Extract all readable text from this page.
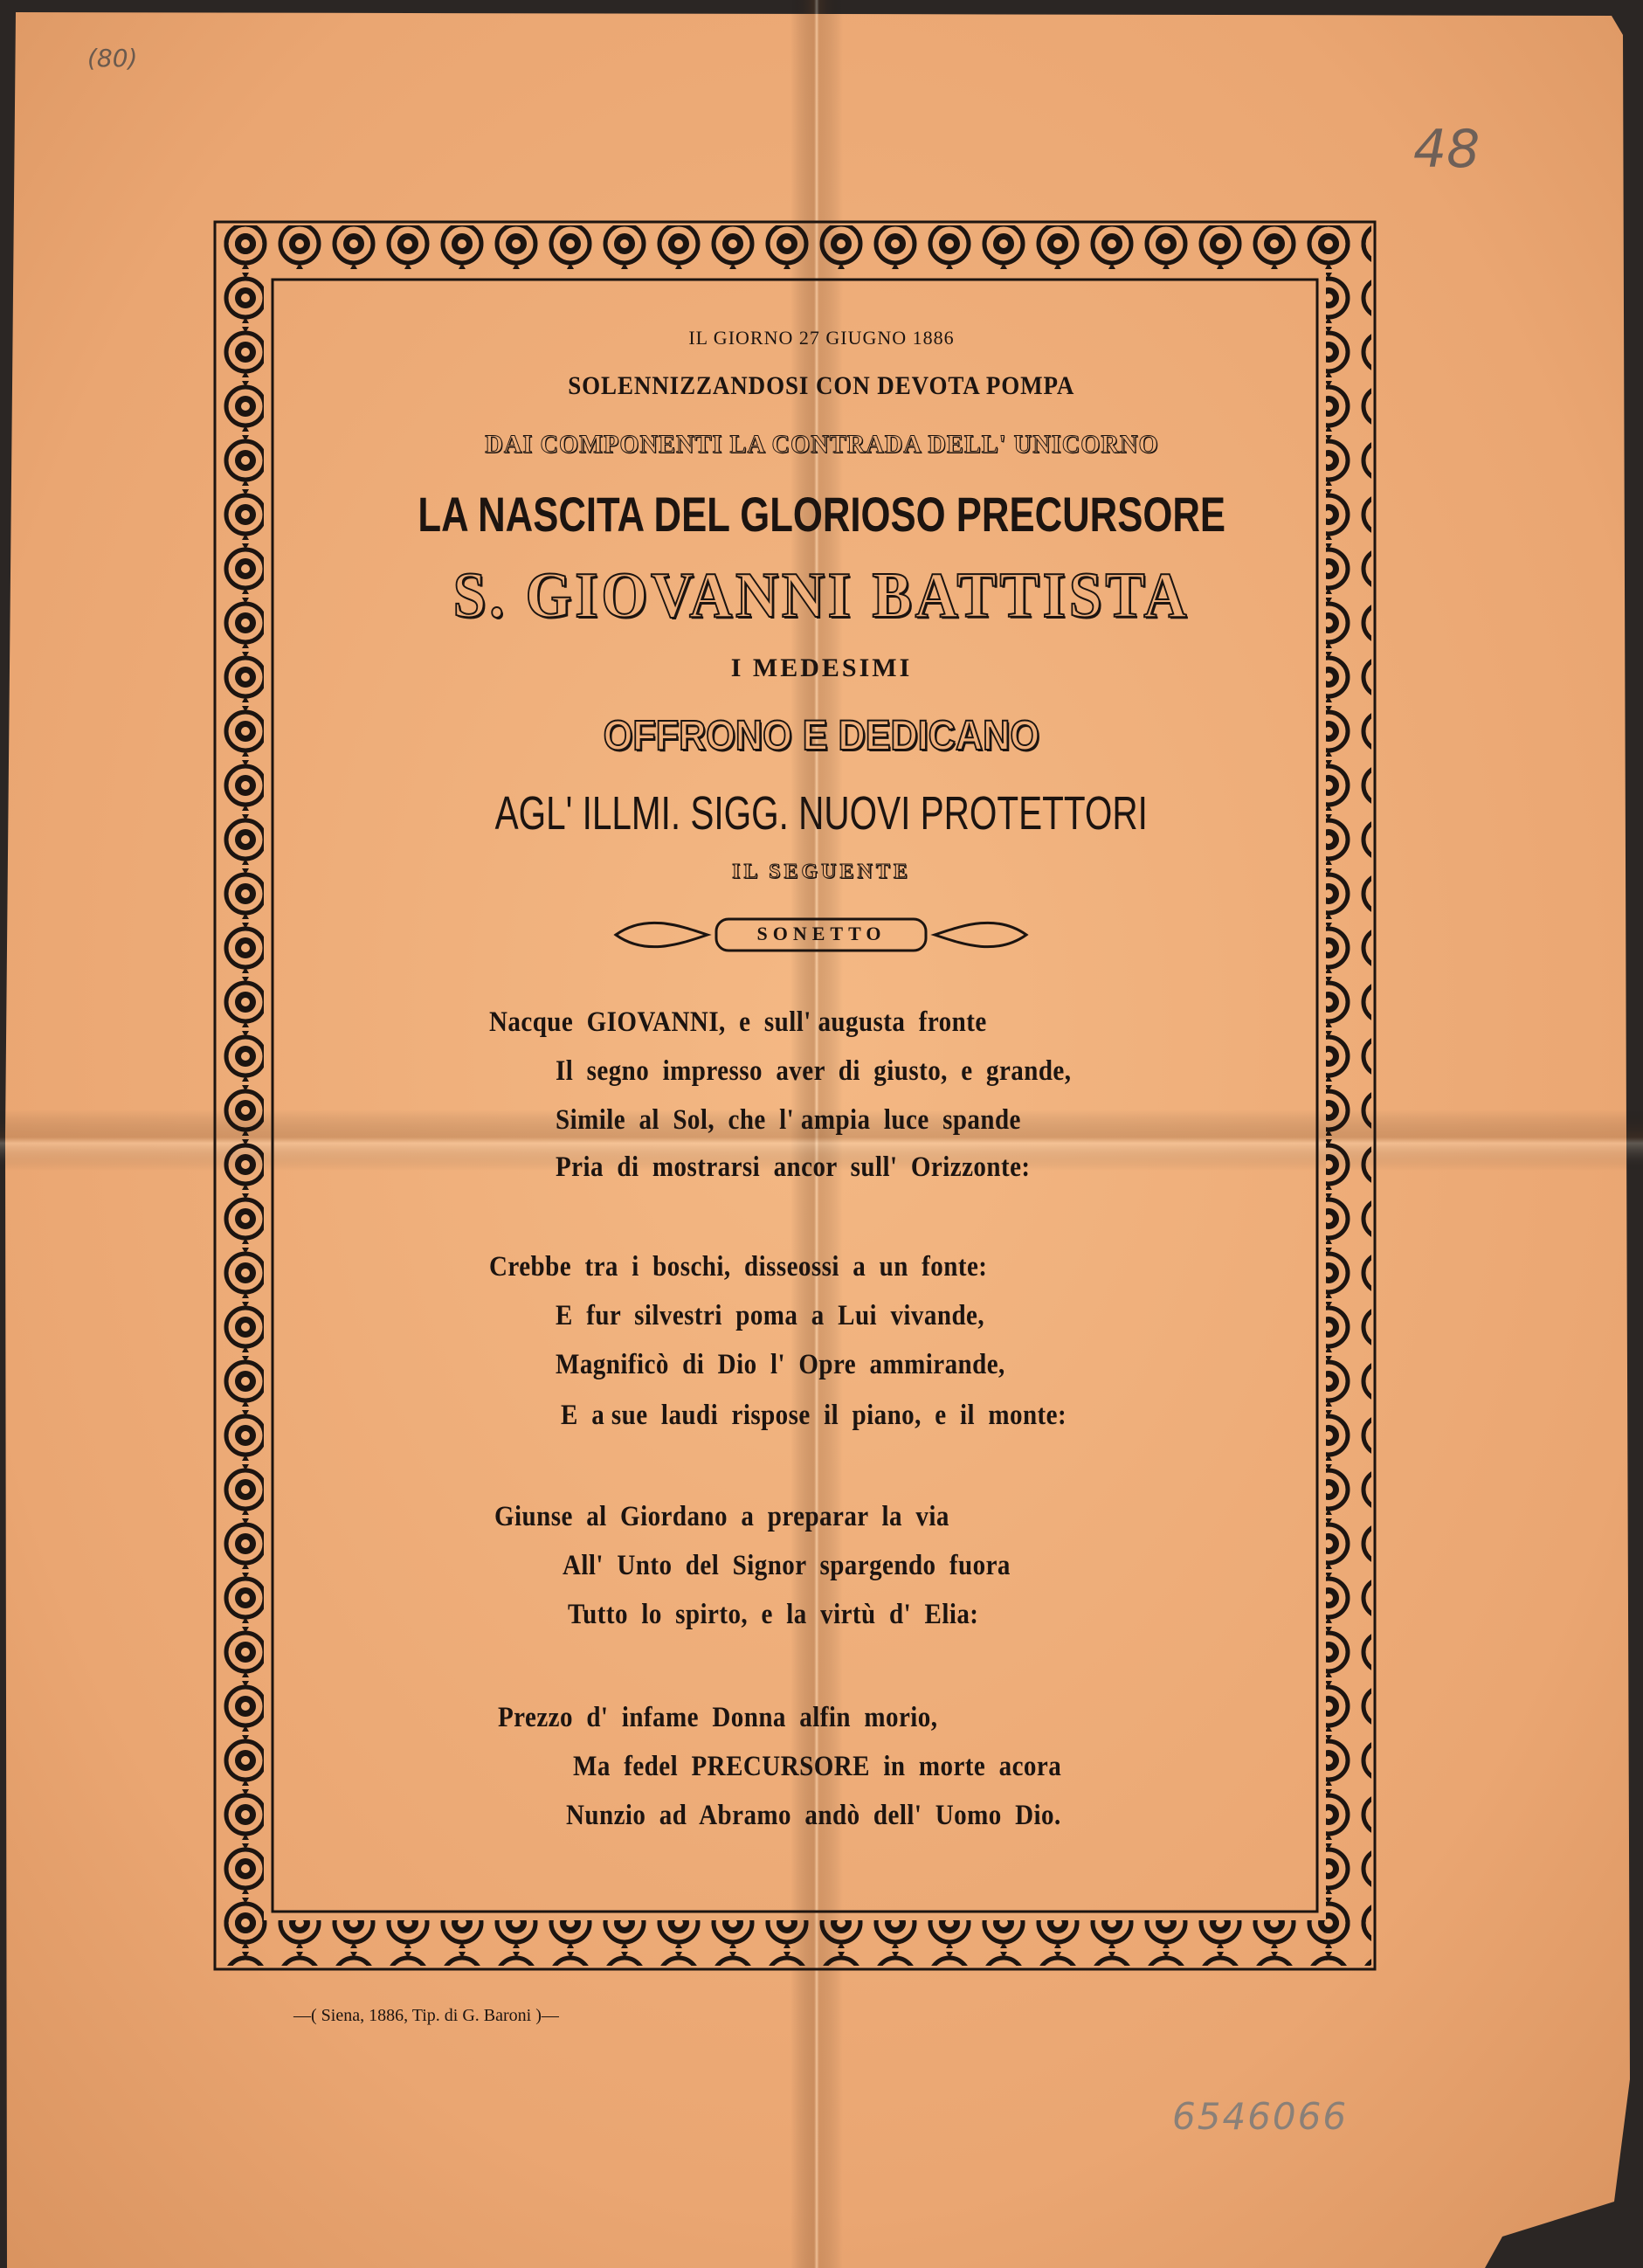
IL GIORNO 27 GIUGNO 1886
SOLENNIZZANDOSI CON DEVOTA POMPA
DAI COMPONENTI LA CONTRADA DELL' UNICORNO
LA NASCITA DEL GLORIOSO PRECURSORE
S. GIOVANNI BATTISTA
I MEDESIMI
OFFRONO E DEDICANO
AGL' ILLMI. SIGG. NUOVI PROTETTORI
IL SEGUENTE
SONETTO
Nacque  GIOVANNI,  e  sull' augusta  fronte
Il  segno  impresso  aver  di  giusto,  e  grande,
Simile  al  Sol,  che  l' ampia  luce  spande
Pria  di  mostrarsi  ancor  sull'  Orizzonte:
Crebbe  tra  i  boschi,  disseossi  a  un  fonte:
E  fur  silvestri  poma  a  Lui  vivande,
Magnificò  di  Dio  l'  Opre  ammirande,
E  a sue  laudi  rispose  il  piano,  e  il  monte:
Giunse  al  Giordano  a  preparar  la  via
All'  Unto  del  Signor  spargendo  fuora
Tutto  lo  spirto,  e  la  virtù  d'  Elia:
Prezzo  d'  infame  Donna  alfin  morio,
Ma  fedel  PRECURSORE  in  morte  acora
Nunzio  ad  Abramo  andò  dell'  Uomo  Dio.
—( Siena, 1886, Tip. di G. Baroni )—
(80)
48
6546066
